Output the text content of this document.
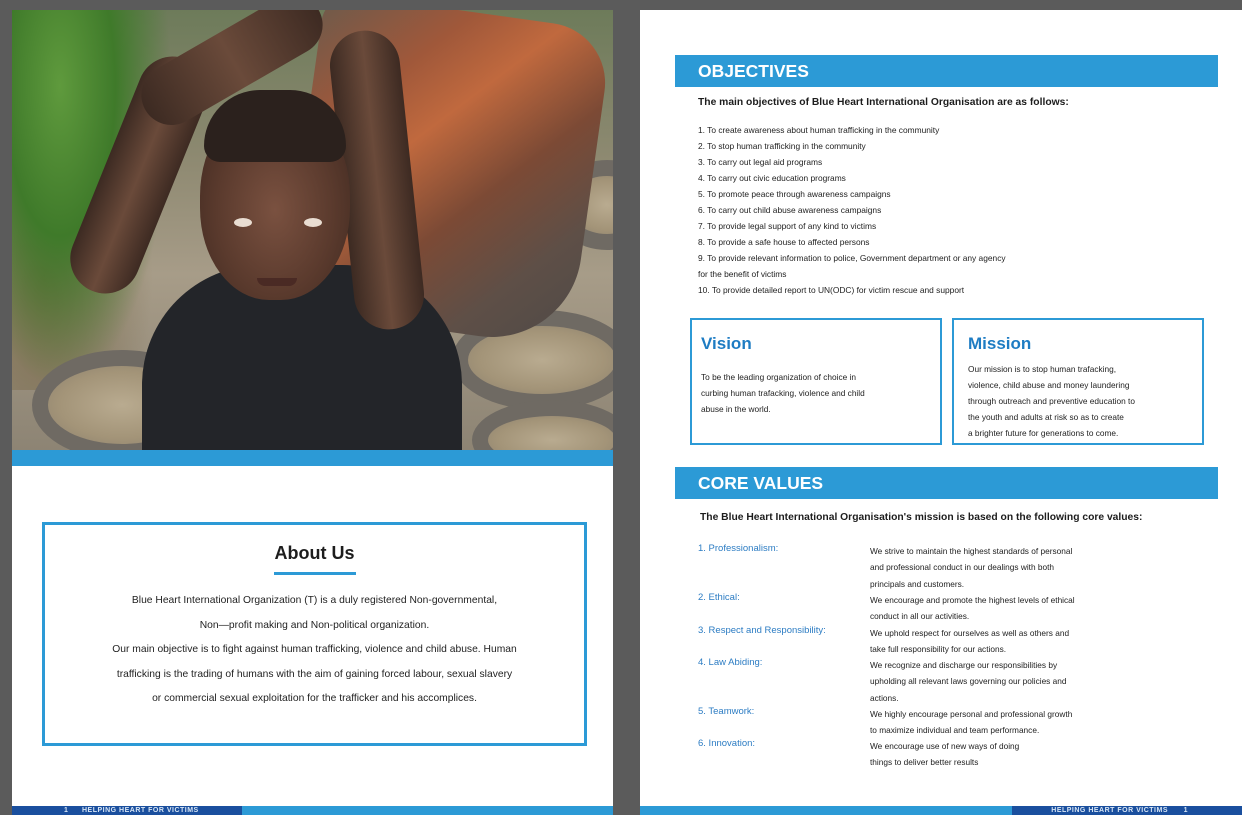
About Us

Blue Heart International Organization (T) is a duly registered Non-governmental,

Non—profit making and Non-political organization.

Our main objective is to fight against human trafficking, violence and child abuse. Human

trafficking is the trading of humans with the aim of gaining forced labour, sexual slavery

or commercial sexual exploitation for the trafficker and his accomplices.

1 HELPING HEART FOR VICTIMS
OBJECTIVES
The main objectives of Blue Heart International Organisation are as follows:
1. To create awareness about human trafficking in the community
2. To stop human trafficking in the community
3. To carry out legal aid programs
4. To carry out civic education programs
5. To promote peace through awareness campaigns
6. To carry out child abuse awareness campaigns
7. To provide legal support of any kind to victims
8. To provide a safe house to affected persons
9. To provide relevant information to police, Government department or any agency
for the benefit of victims
10. To provide detailed report to UN(ODC) for victim rescue and support
Vision
To be the leading organization of choice in
curbing human trafacking, violence and child
abuse in the world.
Mission
Our mission is to stop human trafacking,
violence, child abuse and money laundering
through outreach and preventive education to
the youth and adults at risk so as to create
a brighter future for generations to come.
CORE VALUES
The Blue Heart International Organisation's mission is based on the following core values:
1. Professionalism:	We strive to maintain the highest standards of personal
and professional conduct in our dealings with both
principals and customers.
2. Ethical:	We encourage and promote the highest levels of ethical
conduct in all our activities.
3. Respect and Responsibility:	We uphold respect for ourselves as well as others and
take full responsibility for our actions.
4. Law Abiding:	We recognize and discharge our responsibilities by
upholding all relevant laws governing our policies and
actions.
5. Teamwork:	We highly encourage personal and professional growth
to maximize individual and team performance.
6. Innovation:	We encourage use of new ways of doing
things to deliver better results
HELPING HEART FOR VICTIMS 1
